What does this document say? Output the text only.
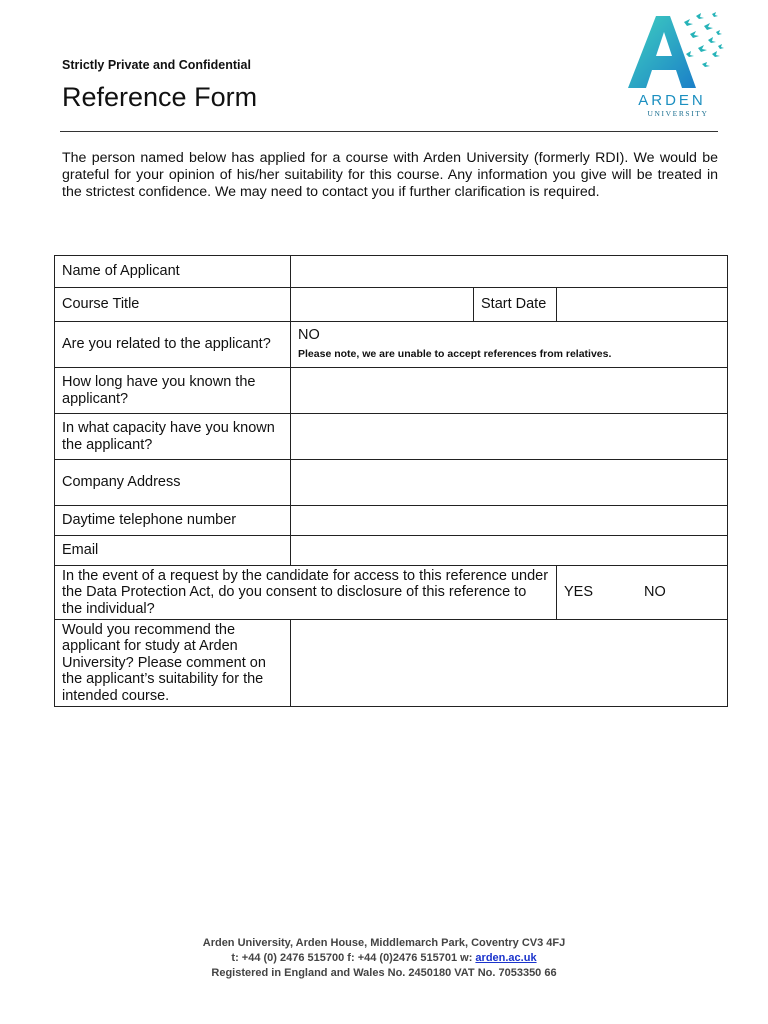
Strictly Private and Confidential
Reference Form	ARDEN
UNIVERSITY

The person named below has applied for a course with Arden University (formerly RDI). We would be grateful for your opinion of his/her suitability for this course. Any information you give will be treated in the strictest confidence. We may need to contact you if further clarification is required.

Name of Applicant			
Course Title		Start Date	
Are you related to the applicant?	NO
Please note, we are unable to accept references from relatives.		

How long have you known the applicant?			
In what capacity have you known the applicant?			
Company Address			
Daytime telephone number			
Email			
In the event of a request by the candidate for access to this reference under the Data Protection Act, do you consent to disclosure of this reference to the individual?			YES NO
Would you recommend the applicant for study at Arden University? Please comment on the applicant’s suitability for the intended course.			
Arden University, Arden House, Middlemarch Park, Coventry CV3 4FJ
t: +44 (0) 2476 515700 f: +44 (0)2476 515701 w: arden.ac.uk
Registered in England and Wales No. 2450180 VAT No. 7053350 66
